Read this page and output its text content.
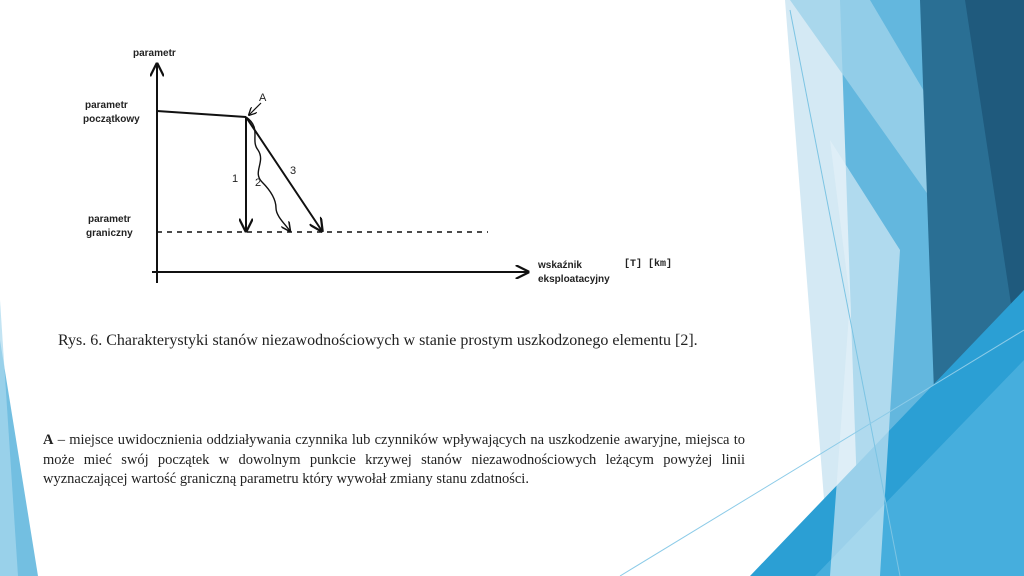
parametr
parametr
początkowy
parametr
graniczny
A
1 2
3
wskaźnik
eksploatacyjny
[T] [km]
Rys. 6. Charakterystyki stanów niezawodnościowych w stanie prostym uszkodzonego elementu [2].
A – miejsce uwidocznienia oddziaływania czynnika lub czynników wpływających na uszkodzenie awaryjne, miejsca to może mieć swój początek w dowolnym punkcie krzywej stanów niezawodnościowych leżącym powyżej linii wyznaczającej wartość graniczną parametru który wywołał zmiany stanu zdatności.
